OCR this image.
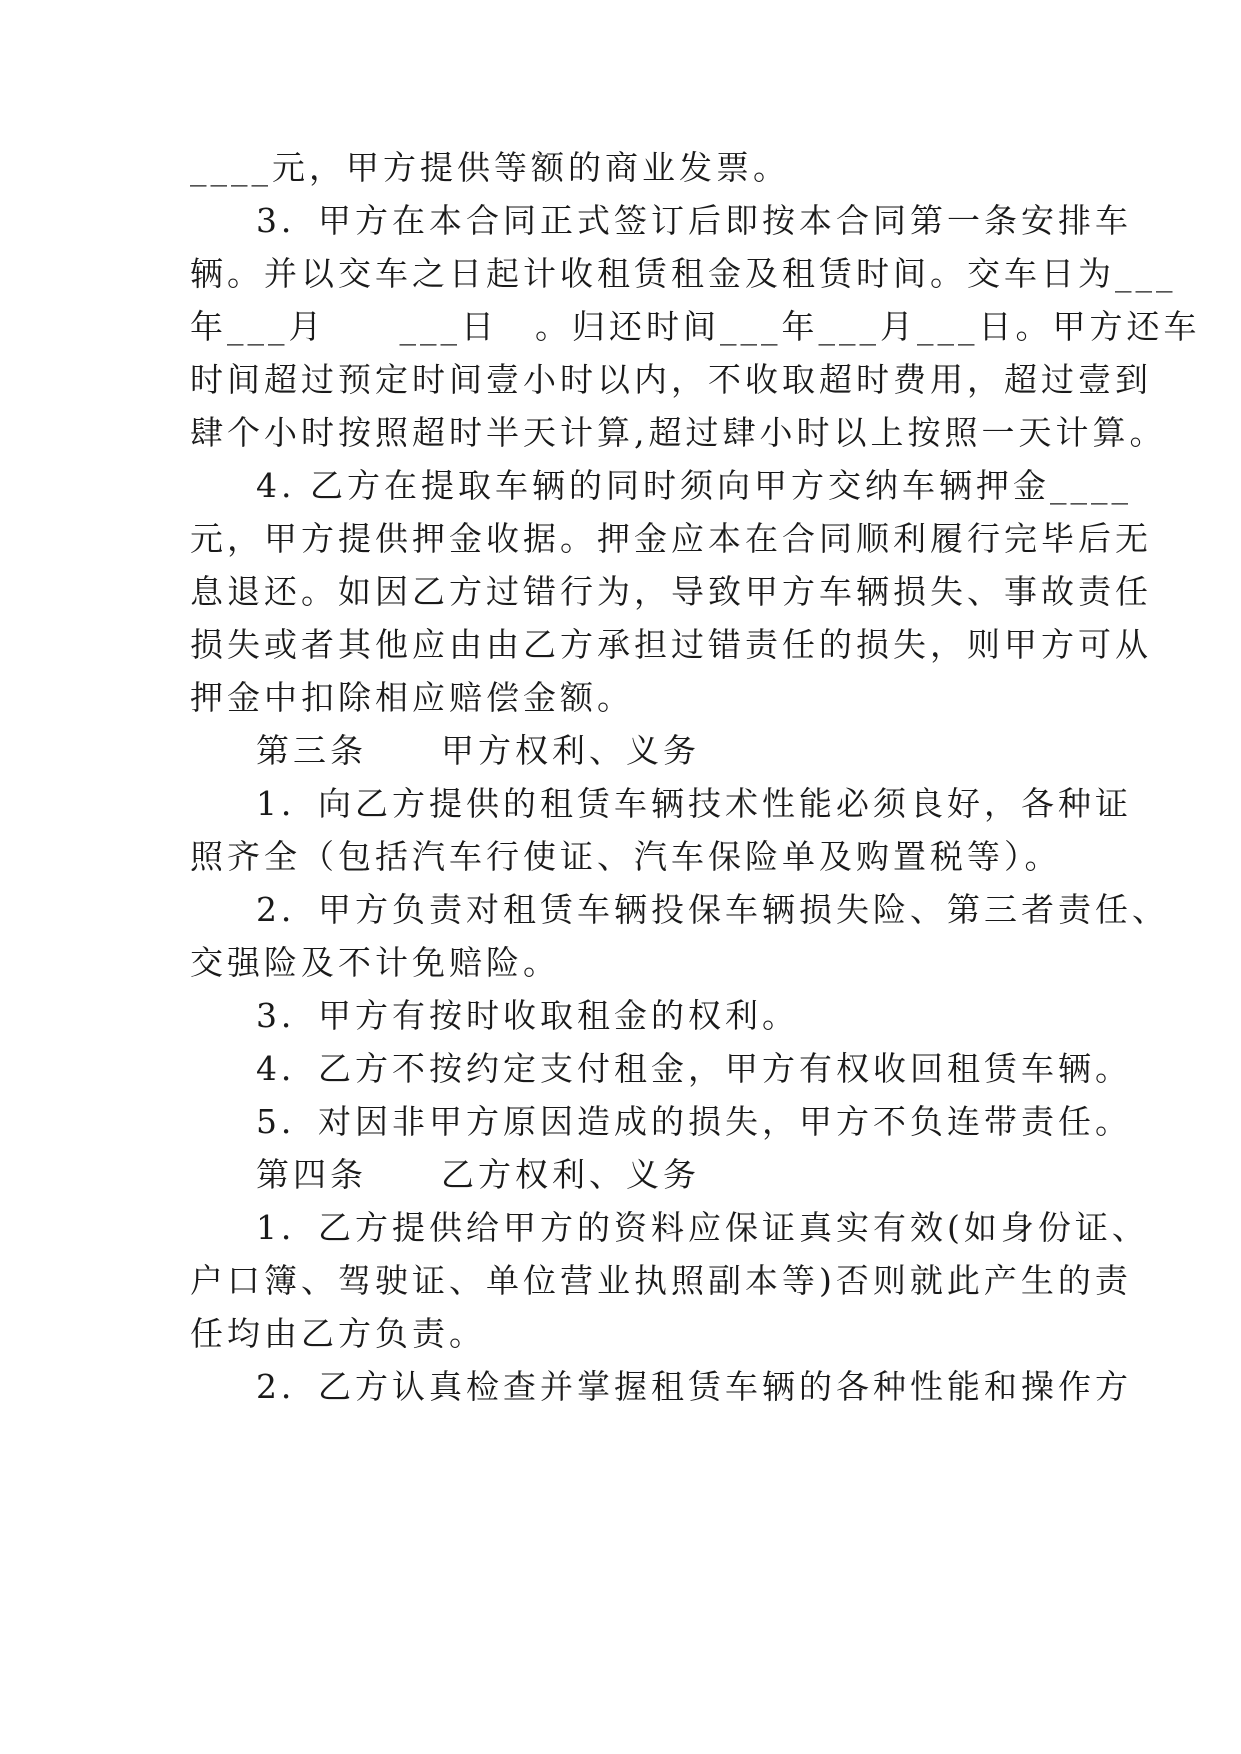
____元，甲方提供等额的商业发票。
3．甲方在本合同正式签订后即按本合同第一条安排车
辆。并以交车之日起计收租赁租金及租赁时间。交车日为___
年___月　　___日　。归还时间___年___月___日。甲方还车
时间超过预定时间壹小时以内，不收取超时费用，超过壹到
肆个小时按照超时半天计算,超过肆小时以上按照一天计算。
4. 乙方在提取车辆的同时须向甲方交纳车辆押金____
元，甲方提供押金收据。押金应本在合同顺利履行完毕后无
息退还。如因乙方过错行为，导致甲方车辆损失、事故责任
损失或者其他应由由乙方承担过错责任的损失，则甲方可从
押金中扣除相应赔偿金额。
第三条　　甲方权利、义务
1．向乙方提供的租赁车辆技术性能必须良好，各种证
照齐全（包括汽车行使证、汽车保险单及购置税等）。
2．甲方负责对租赁车辆投保车辆损失险、第三者责任、
交强险及不计免赔险。
3．甲方有按时收取租金的权利。
4．乙方不按约定支付租金，甲方有权收回租赁车辆。
5．对因非甲方原因造成的损失，甲方不负连带责任。
第四条　　乙方权利、义务
1．乙方提供给甲方的资料应保证真实有效(如身份证、
户口簿、驾驶证、单位营业执照副本等)否则就此产生的责
任均由乙方负责。
2．乙方认真检查并掌握租赁车辆的各种性能和操作方
